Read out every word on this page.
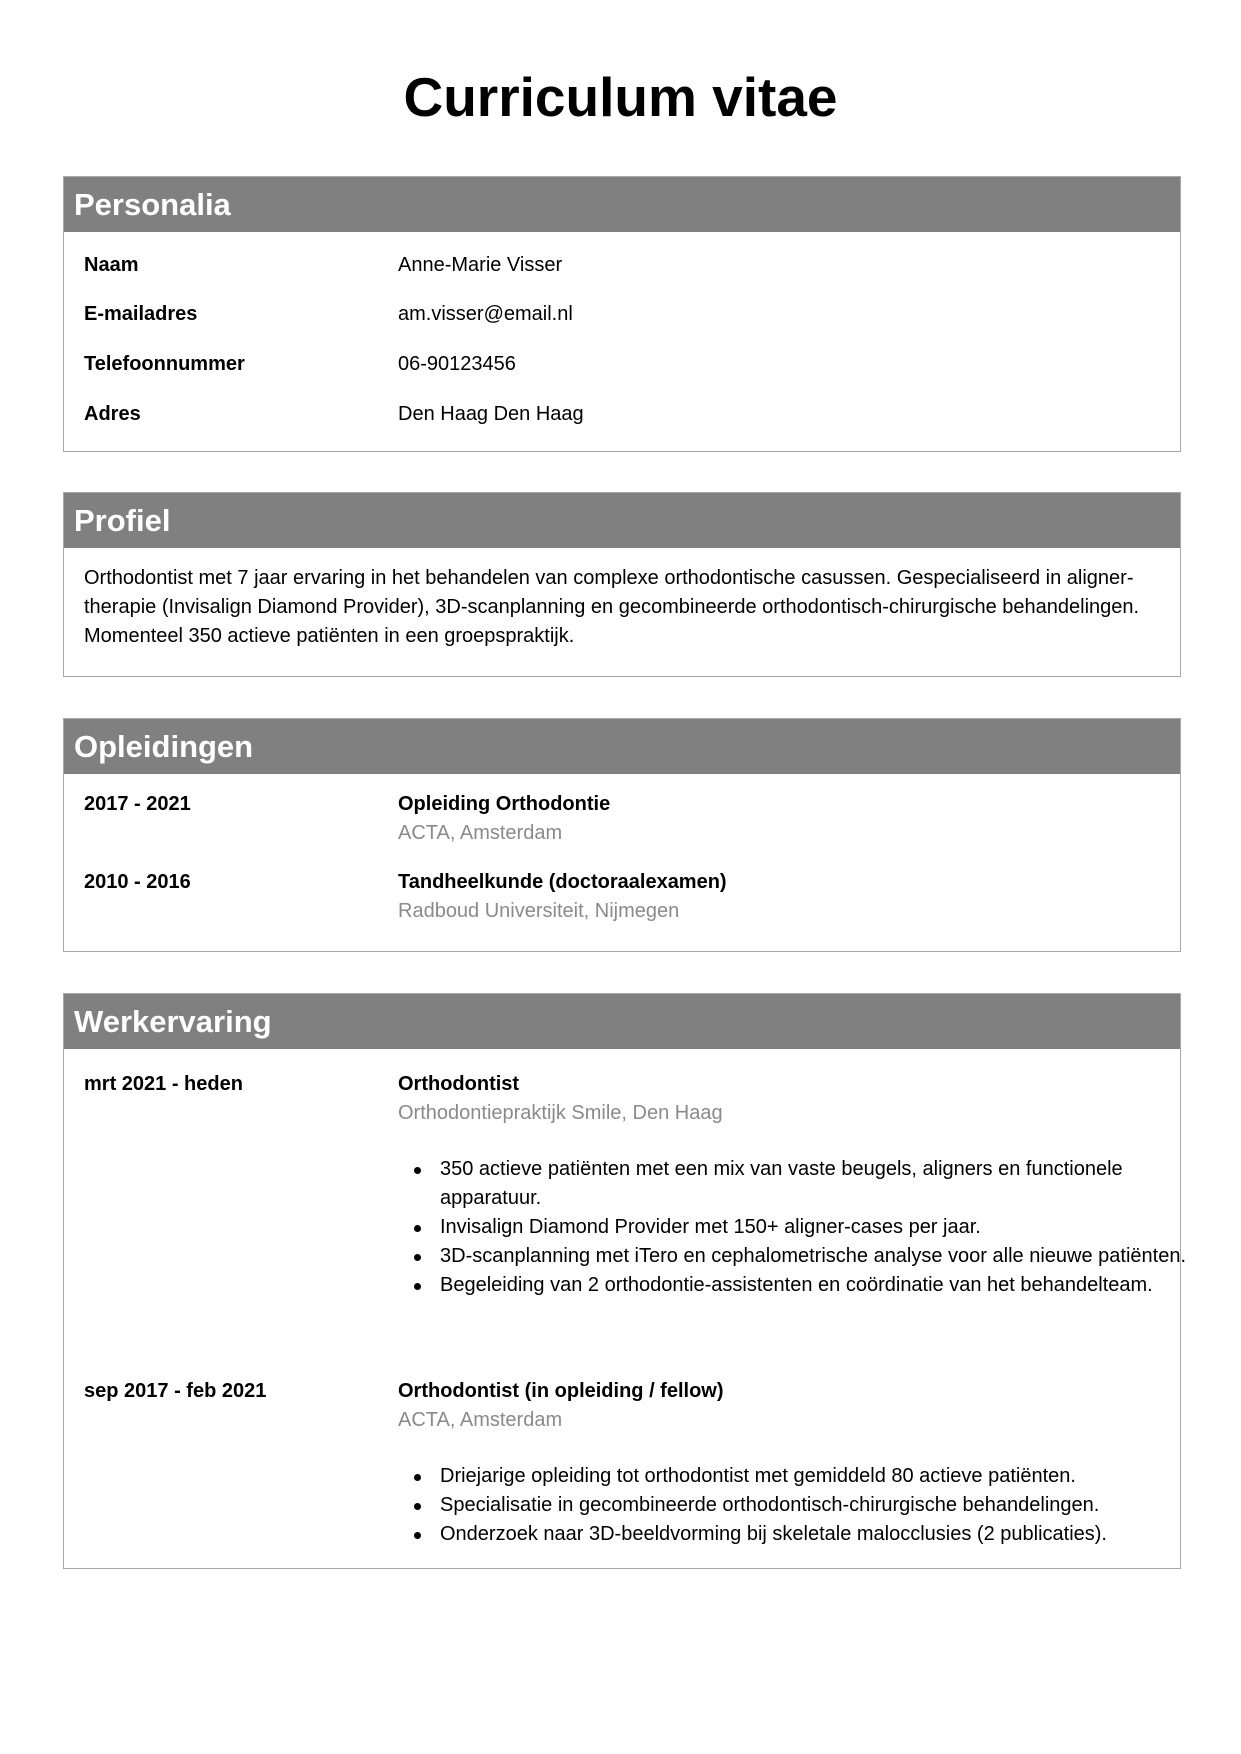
Curriculum vitae
Personalia
Naam	Anne-Marie Visser
E-mailadres	am.visser@email.nl
Telefoonnummer	06-90123456
Adres	Den Haag Den Haag
Profiel
Orthodontist met 7 jaar ervaring in het behandelen van complexe orthodontische casussen. Gespecialiseerd in aligner-therapie (Invisalign Diamond Provider), 3D-scanplanning en gecombineerde orthodontisch-chirurgische behandelingen. Momenteel 350 actieve patiënten in een groepspraktijk.
Opleidingen
2017 - 2021	Opleiding Orthodontie
ACTA, Amsterdam
2010 - 2016	Tandheelkunde (doctoraalexamen)
Radboud Universiteit, Nijmegen
Werkervaring
mrt 2021 - heden	Orthodontist
Orthodontiepraktijk Smile, Den Haag
350 actieve patiënten met een mix van vaste beugels, aligners en functionele apparatuur.
Invisalign Diamond Provider met 150+ aligner-cases per jaar.
3D-scanplanning met iTero en cephalometrische analyse voor alle nieuwe patiënten.
Begeleiding van 2 orthodontie-assistenten en coördinatie van het behandelteam.
sep 2017 - feb 2021	Orthodontist (in opleiding / fellow)
ACTA, Amsterdam
Driejarige opleiding tot orthodontist met gemiddeld 80 actieve patiënten.
Specialisatie in gecombineerde orthodontisch-chirurgische behandelingen.
Onderzoek naar 3D-beeldvorming bij skeletale malocclusies (2 publicaties).
